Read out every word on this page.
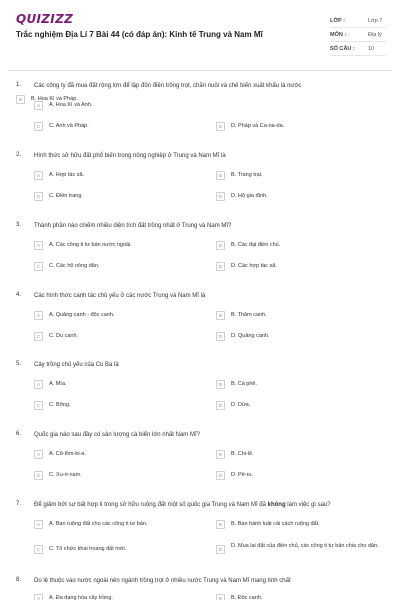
QUIZIZZ
Trắc nghiệm Địa Lí 7 Bài 44 (có đáp án): Kinh tế Trung và Nam Mĩ
LỚP :	Lớp 7
MÔN :	Địa lý
SỐ CÂU : 10
1. Các công ty đã mua đất rộng lớn để lập đồn điền trồng trọt, chăn nuôi và chế biến xuất khẩu là nước
A	A. Hoa Kì và Anh.
B	B. Hoa Kì và Pháp.
C	C. Anh và Pháp.	D	D. Pháp và Ca-na-da.
2. Hình thức sở hữu đất phổ biến trong nông nghiệp ở Trung và Nam Mĩ là
A	A. Hợp tác xã.	B	B. Trang trại.
C	C. Điền trang.	D	D. Hộ gia đình.
3. Thành phần nào chiếm nhiều diện tích đất trồng nhất ở Trung và Nam Mĩ?
A	A. Các công ti tư bản nước ngoài.	B	B. Các đại điền chủ.
C	C. Các hộ nông dân.	D	D. Các hợp tác xã.
4. Các hình thức canh tác chủ yếu ở các nước Trung và Nam Mĩ là
A	A. Quảng canh - độc canh.	B	B. Thâm canh.
C	C. Du canh.	D	D. Quảng canh.
5. Cây trồng chủ yếu của Cu Ba là
A	A. Mía.	B	B. Cà phê.
C	C. Bông.	D	D. Dừa.
6. Quốc gia nào sau đây có sản lượng cà biển lớn nhất Nam Mĩ?
A	A. Cô-lôm-bi-a.	B	B. Chi-lê.
C	C. Xu-ri-nam.	D	D. Pê-ru.
7. Để giảm bớt sự bất hợp lí trong sở hữu ruộng đất một số quốc gia Trung và Nam Mĩ đã không làm việc gì sau?
A	A. Ban ruộng đất cho các công ti tư bản.	B	B. Ban hành luật cải cách ruộng đất.
C	C. Tổ chức khai hoang đất mới.	D
D. Mua lại đất của điền chủ, các công ti tư bản chia cho dân.
8. Do lệ thuộc vào nước ngoài nên ngành trồng trọt ở nhiều nước Trung và Nam Mĩ mang tính chất
A	A. Đa dạng hóa cây trồng.	B	B. Độc canh.
